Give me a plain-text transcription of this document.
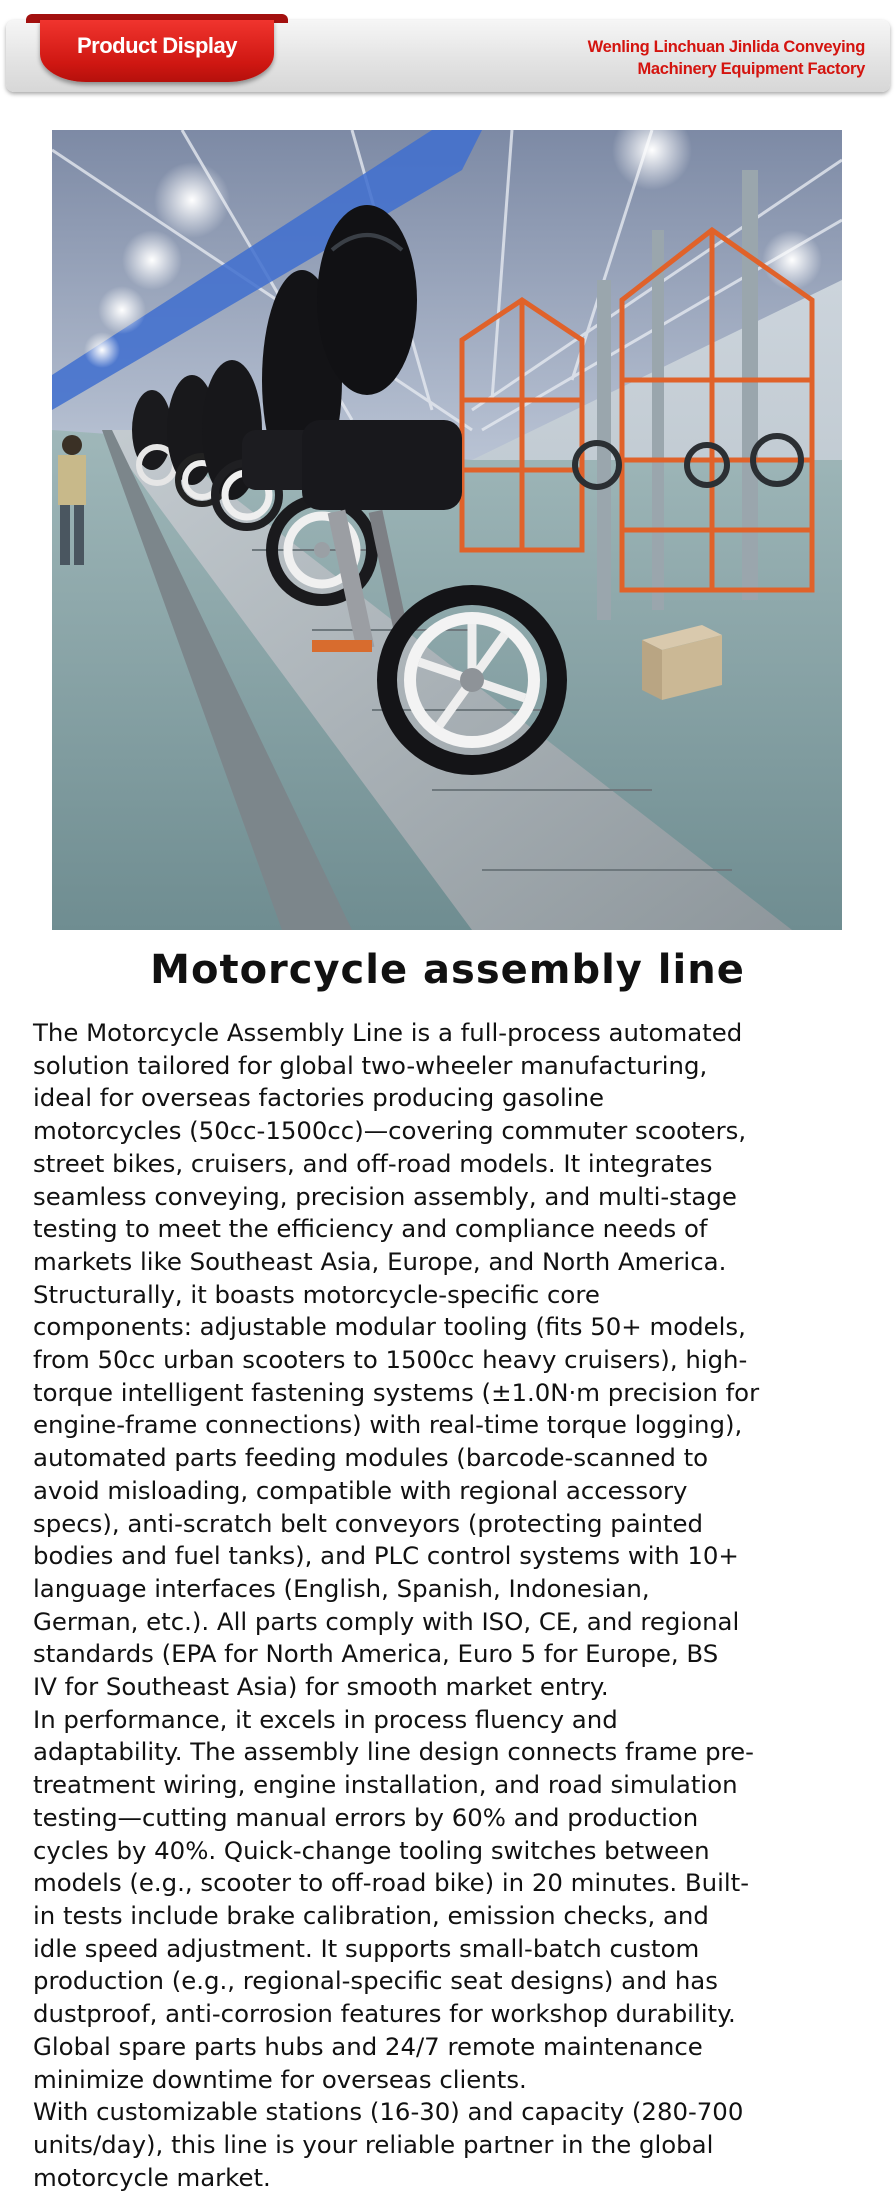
Product Display	Wenling Linchuan Jinlida Conveying
Machinery Equipment Factory
Motorcycle assembly line
The Motorcycle Assembly Line is a full-process automated
solution tailored for global two-wheeler manufacturing,
ideal for overseas factories producing gasoline
motorcycles (50cc-1500cc)—covering commuter scooters,
street bikes, cruisers, and off-road models. It integrates
seamless conveying, precision assembly, and multi-stage
testing to meet the efficiency and compliance needs of
markets like Southeast Asia, Europe, and North America.
Structurally, it boasts motorcycle-specific core
components: adjustable modular tooling (fits 50+ models,
from 50cc urban scooters to 1500cc heavy cruisers), high-
torque intelligent fastening systems (±1.0N·m precision for
engine-frame connections) with real-time torque logging),
automated parts feeding modules (barcode-scanned to
avoid misloading, compatible with regional accessory
specs), anti-scratch belt conveyors (protecting painted
bodies and fuel tanks), and PLC control systems with 10+
language interfaces (English, Spanish, Indonesian,
German, etc.). All parts comply with ISO, CE, and regional
standards (EPA for North America, Euro 5 for Europe, BS
IV for Southeast Asia) for smooth market entry.
In performance, it excels in process fluency and
adaptability. The assembly line design connects frame pre-
treatment wiring, engine installation, and road simulation
testing—cutting manual errors by 60% and production
cycles by 40%. Quick-change tooling switches between
models (e.g., scooter to off-road bike) in 20 minutes. Built-
in tests include brake calibration, emission checks, and
idle speed adjustment. It supports small-batch custom
production (e.g., regional-specific seat designs) and has
dustproof, anti-corrosion features for workshop durability.
Global spare parts hubs and 24/7 remote maintenance
minimize downtime for overseas clients.
With customizable stations (16-30) and capacity (280-700
units/day), this line is your reliable partner in the global
motorcycle market.
